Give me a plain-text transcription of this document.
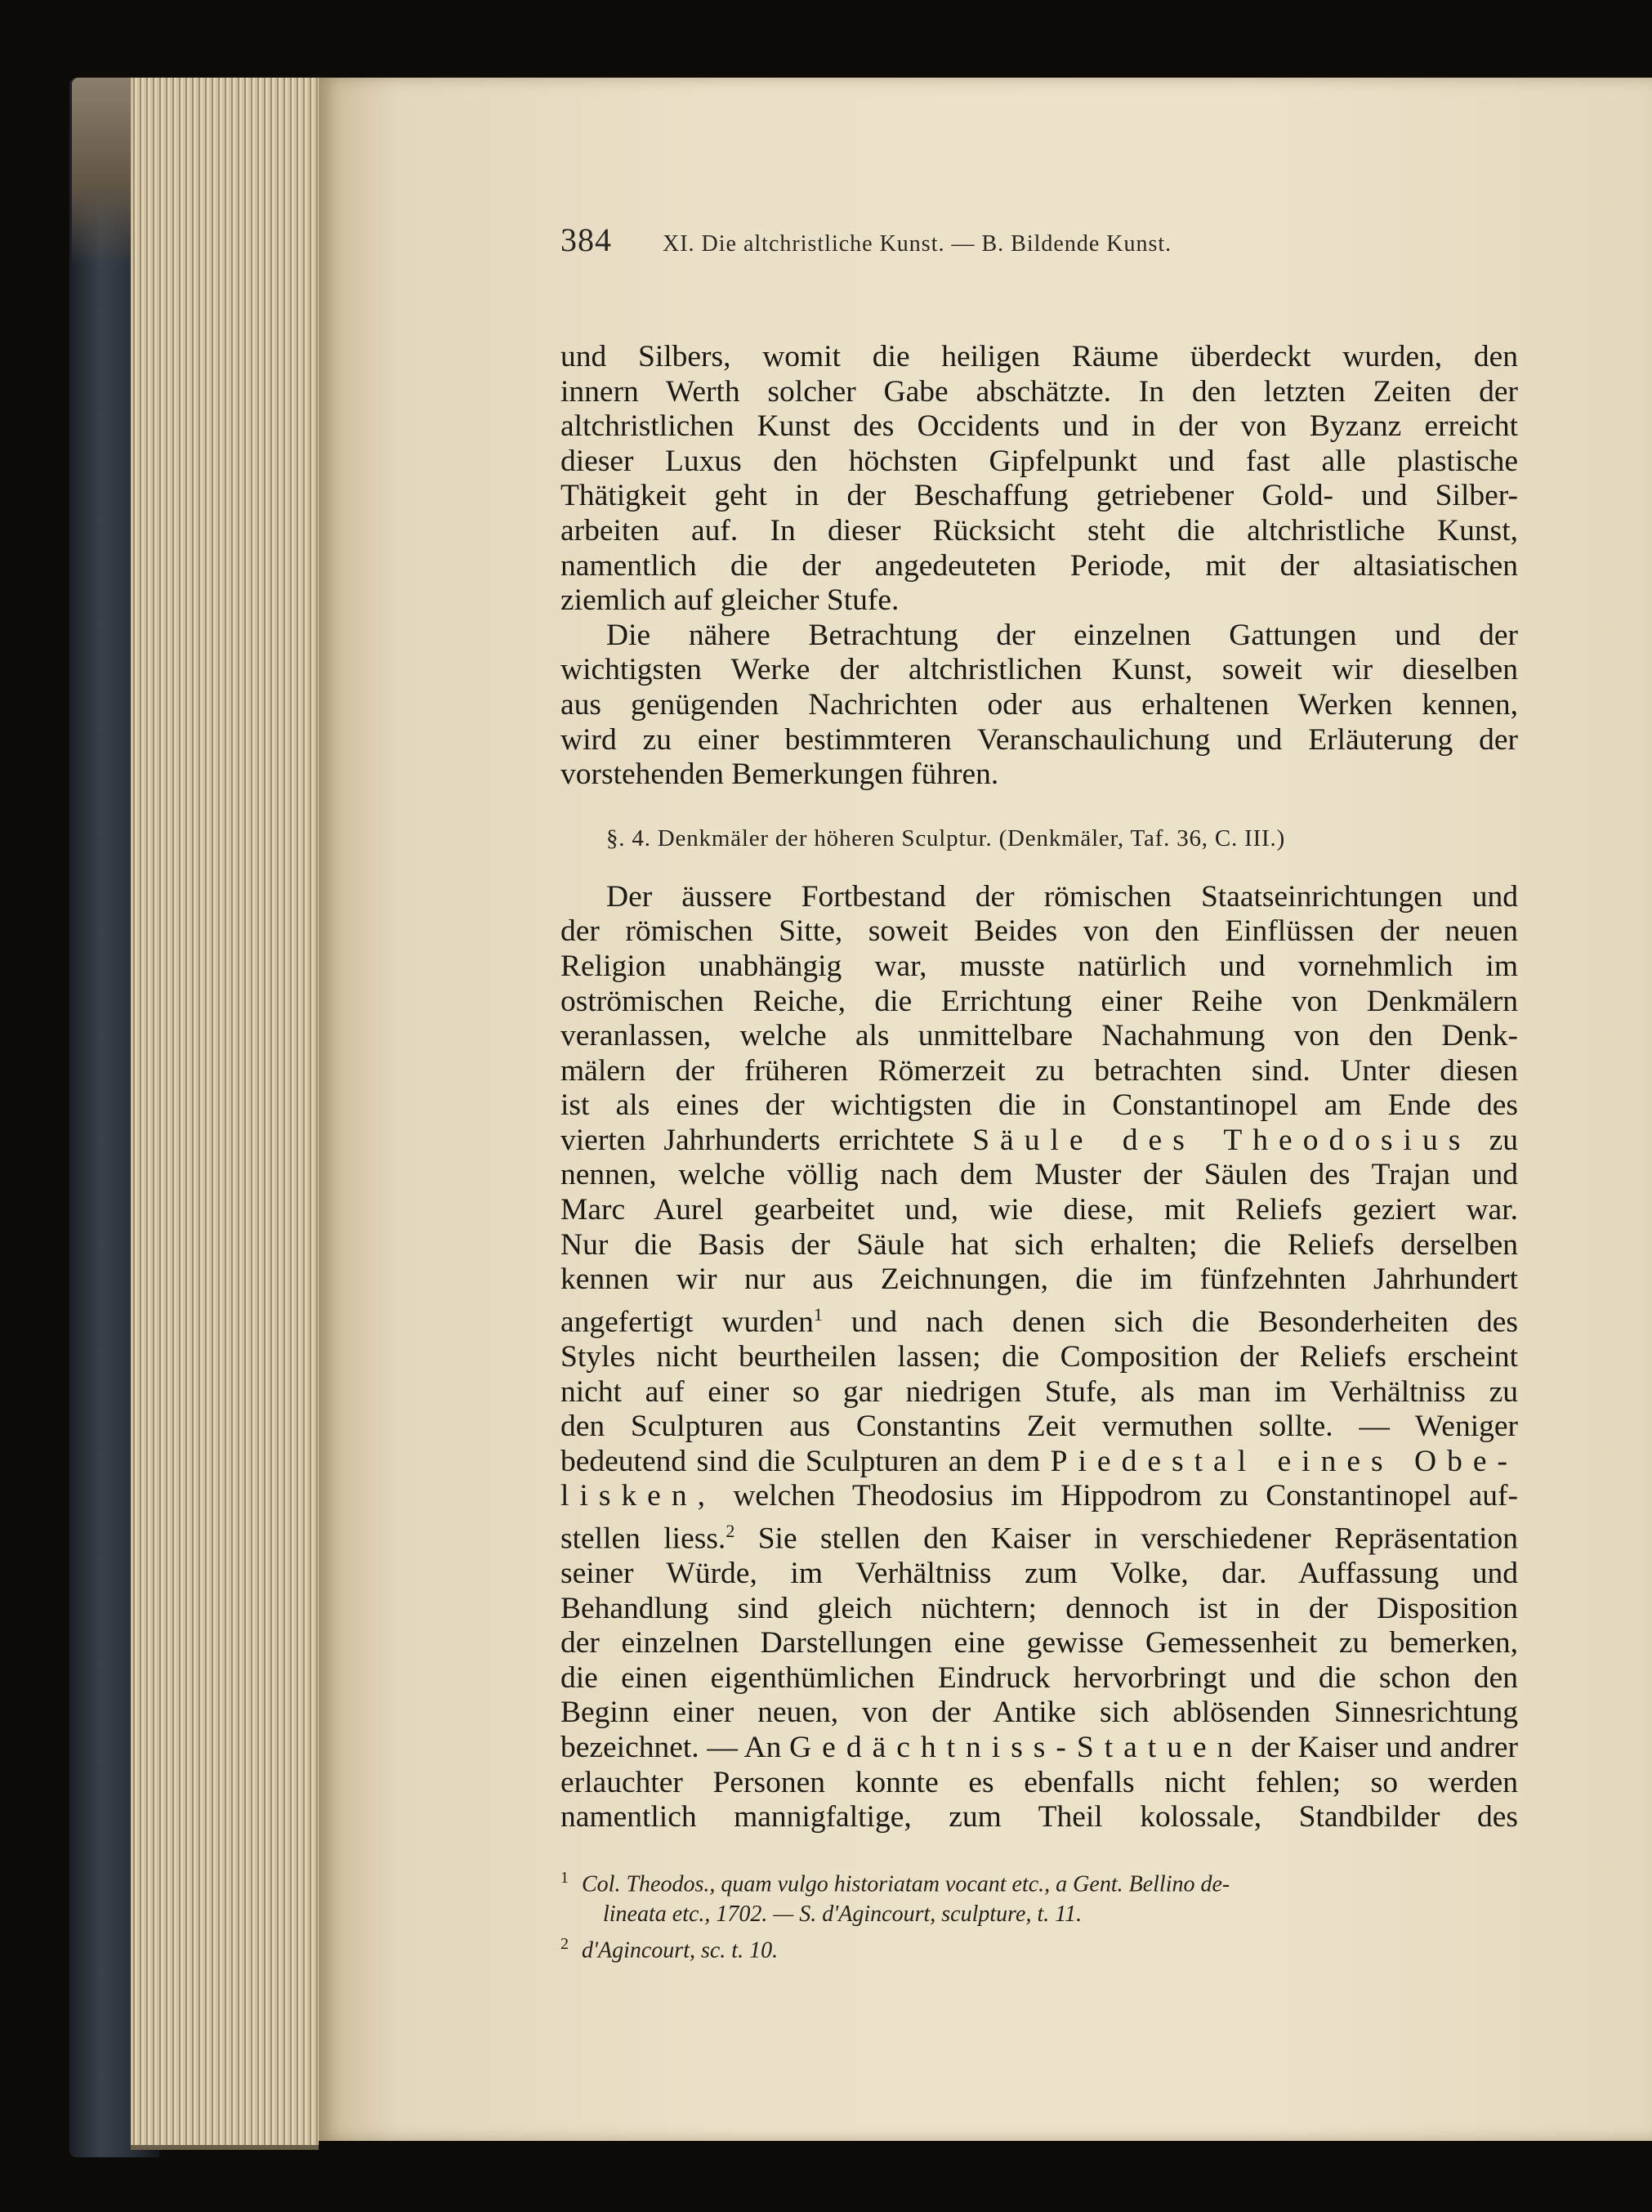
384 XI. Die altchristliche Kunst. — B. Bildende Kunst.

und Silbers, womit die heiligen Räume überdeckt wurden, den
innern Werth solcher Gabe abschätzte. In den letzten Zeiten der
altchristlichen Kunst des Occidents und in der von Byzanz erreicht
dieser Luxus den höchsten Gipfelpunkt und fast alle plastische
Thätigkeit geht in der Beschaffung getriebener Gold- und Silber-
arbeiten auf. In dieser Rücksicht steht die altchristliche Kunst,
namentlich die der angedeuteten Periode, mit der altasiatischen
ziemlich auf gleicher Stufe.

Die nähere Betrachtung der einzelnen Gattungen und der
wichtigsten Werke der altchristlichen Kunst, soweit wir dieselben
aus genügenden Nachrichten oder aus erhaltenen Werken kennen,
wird zu einer bestimmteren Veranschaulichung und Erläuterung der
vorstehenden Bemerkungen führen.

§. 4. Denkmäler der höheren Sculptur. (Denkmäler, Taf. 36, C. III.)

Der äussere Fortbestand der römischen Staatseinrichtungen und
der römischen Sitte, soweit Beides von den Einflüssen der neuen
Religion unabhängig war, musste natürlich und vornehmlich im
oströmischen Reiche, die Errichtung einer Reihe von Denkmälern
veranlassen, welche als unmittelbare Nachahmung von den Denk-
mälern der früheren Römerzeit zu betrachten sind. Unter diesen
ist als eines der wichtigsten die in Constantinopel am Ende des
vierten Jahrhunderts errichtete Säule des Theodosius zu
nennen, welche völlig nach dem Muster der Säulen des Trajan und
Marc Aurel gearbeitet und, wie diese, mit Reliefs geziert war.
Nur die Basis der Säule hat sich erhalten; die Reliefs derselben
kennen wir nur aus Zeichnungen, die im fünfzehnten Jahrhundert
angefertigt wurden$^1$ und nach denen sich die Besonderheiten des
Styles nicht beurtheilen lassen; die Composition der Reliefs erscheint
nicht auf einer so gar niedrigen Stufe, als man im Verhältniss zu
den Sculpturen aus Constantins Zeit vermuthen sollte. — Weniger
bedeutend sind die Sculpturen an dem Piedestal eines Obe-
lisken, welchen Theodosius im Hippodrom zu Constantinopel auf-
stellen liess.$^2$ Sie stellen den Kaiser in verschiedener Repräsentation
seiner Würde, im Verhältniss zum Volke, dar. Auffassung und
Behandlung sind gleich nüchtern; dennoch ist in der Disposition
der einzelnen Darstellungen eine gewisse Gemessenheit zu bemerken,
die einen eigenthümlichen Eindruck hervorbringt und die schon den
Beginn einer neuen, von der Antike sich ablösenden Sinnesrichtung
bezeichnet. — An Gedächtniss-Statuen der Kaiser und andrer
erlauchter Personen konnte es ebenfalls nicht fehlen; so werden
namentlich mannigfaltige, zum Theil kolossale, Standbilder des

$^1$ Col. Theodos., quam vulgo historiatam vocant etc., a Gent. Bellino de-
lineata etc., 1702. — S. d'Agincourt, sculpture, t. 11.
$^2$ d'Agincourt, sc. t. 10.
